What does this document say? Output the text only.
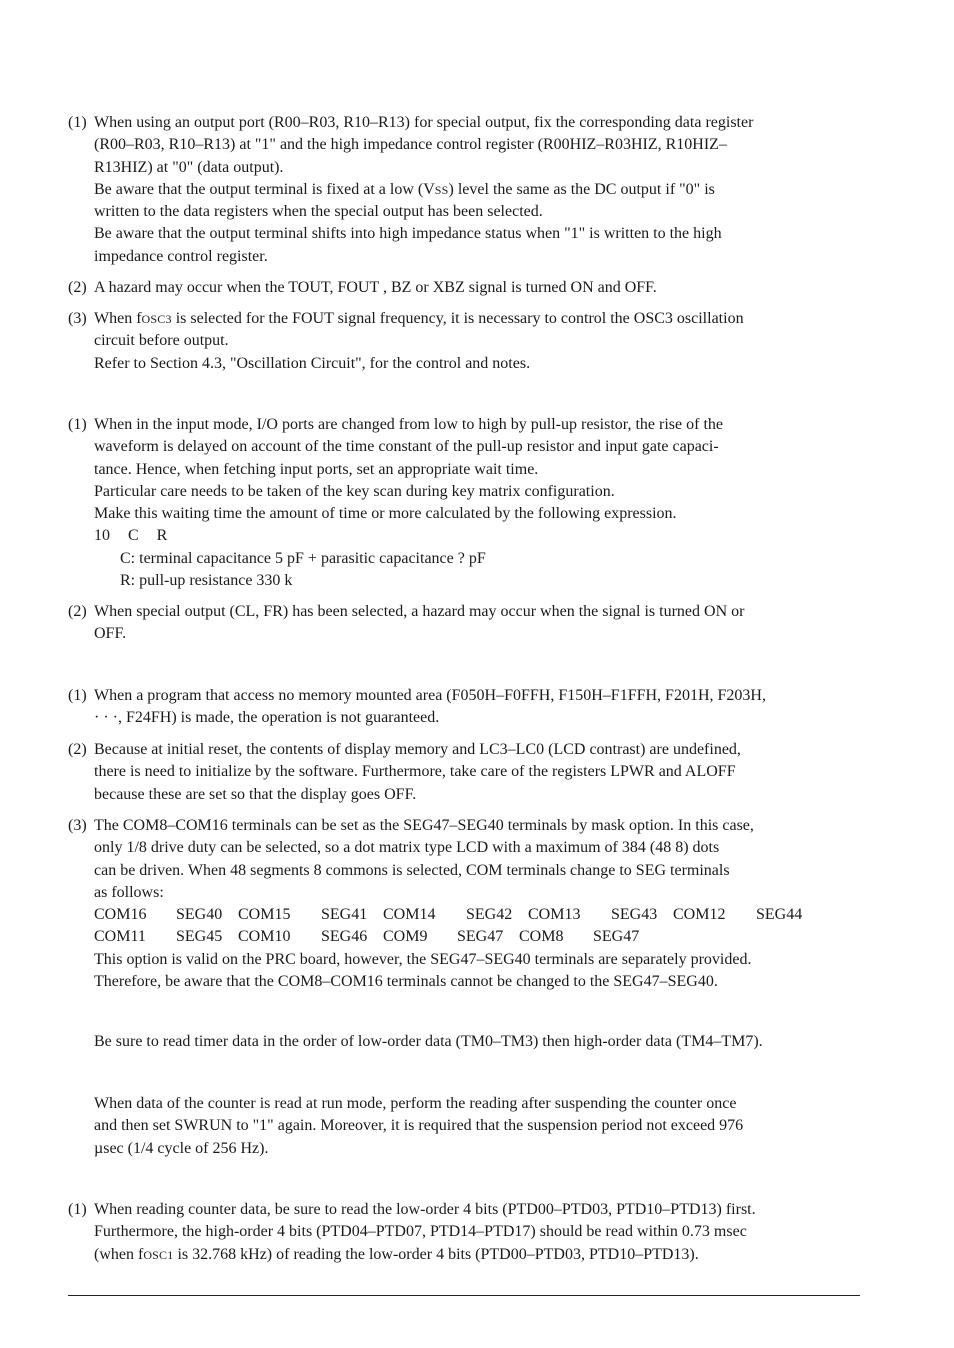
(1) When using an output port (R00–R03, R10–R13) for special output, fix the corresponding data register
(R00–R03, R10–R13) at "1" and the high impedance control register (R00HIZ–R03HIZ, R10HIZ–
R13HIZ) at "0" (data output).
Be aware that the output terminal is fixed at a low (VSS) level the same as the DC output if "0" is
written to the data registers when the special output has been selected.
Be aware that the output terminal shifts into high impedance status when "1" is written to the high
impedance control register.
(2) A hazard may occur when the TOUT, FOUT , BZ or XBZ signal is turned ON and OFF.
(3) When fOSC3 is selected for the FOUT signal frequency, it is necessary to control the OSC3 oscillation
circuit before output.
Refer to Section 4.3, "Oscillation Circuit", for the control and notes.
(1) When in the input mode, I/O ports are changed from low to high by pull-up resistor, the rise of the
waveform is delayed on account of the time constant of the pull-up resistor and input gate capaci-
tance. Hence, when fetching input ports, set an appropriate wait time.
Particular care needs to be taken of the key scan during key matrix configuration.
Make this waiting time the amount of time or more calculated by the following expression.
10 C R
C: terminal capacitance 5 pF + parasitic capacitance ? pF
R: pull-up resistance 330 k
(2) When special output (CL, FR) has been selected, a hazard may occur when the signal is turned ON or
OFF.
(1) When a program that access no memory mounted area (F050H–F0FFH, F150H–F1FFH, F201H, F203H,
· · ·, F24FH) is made, the operation is not guaranteed.
(2) Because at initial reset, the contents of display memory and LC3–LC0 (LCD contrast) are undefined,
there is need to initialize by the software. Furthermore, take care of the registers LPWR and ALOFF
because these are set so that the display goes OFF.
(3) The COM8–COM16 terminals can be set as the SEG47–SEG40 terminals by mask option. In this case,
only 1/8 drive duty can be selected, so a dot matrix type LCD with a maximum of 384 (48 8) dots
can be driven. When 48 segments 8 commons is selected, COM terminals change to SEG terminals
as follows:
COM16 SEG40 COM15 SEG41 COM14 SEG42 COM13 SEG43 COM12 SEG44
COM11 SEG45 COM10 SEG46 COM9 SEG47 COM8 SEG47
This option is valid on the PRC board, however, the SEG47–SEG40 terminals are separately provided.
Therefore, be aware that the COM8–COM16 terminals cannot be changed to the SEG47–SEG40.
Be sure to read timer data in the order of low-order data (TM0–TM3) then high-order data (TM4–TM7).
When data of the counter is read at run mode, perform the reading after suspending the counter once
and then set SWRUN to "1" again. Moreover, it is required that the suspension period not exceed 976
µsec (1/4 cycle of 256 Hz).
(1) When reading counter data, be sure to read the low-order 4 bits (PTD00–PTD03, PTD10–PTD13) first.
Furthermore, the high-order 4 bits (PTD04–PTD07, PTD14–PTD17) should be read within 0.73 msec
(when fOSC1 is 32.768 kHz) of reading the low-order 4 bits (PTD00–PTD03, PTD10–PTD13).
